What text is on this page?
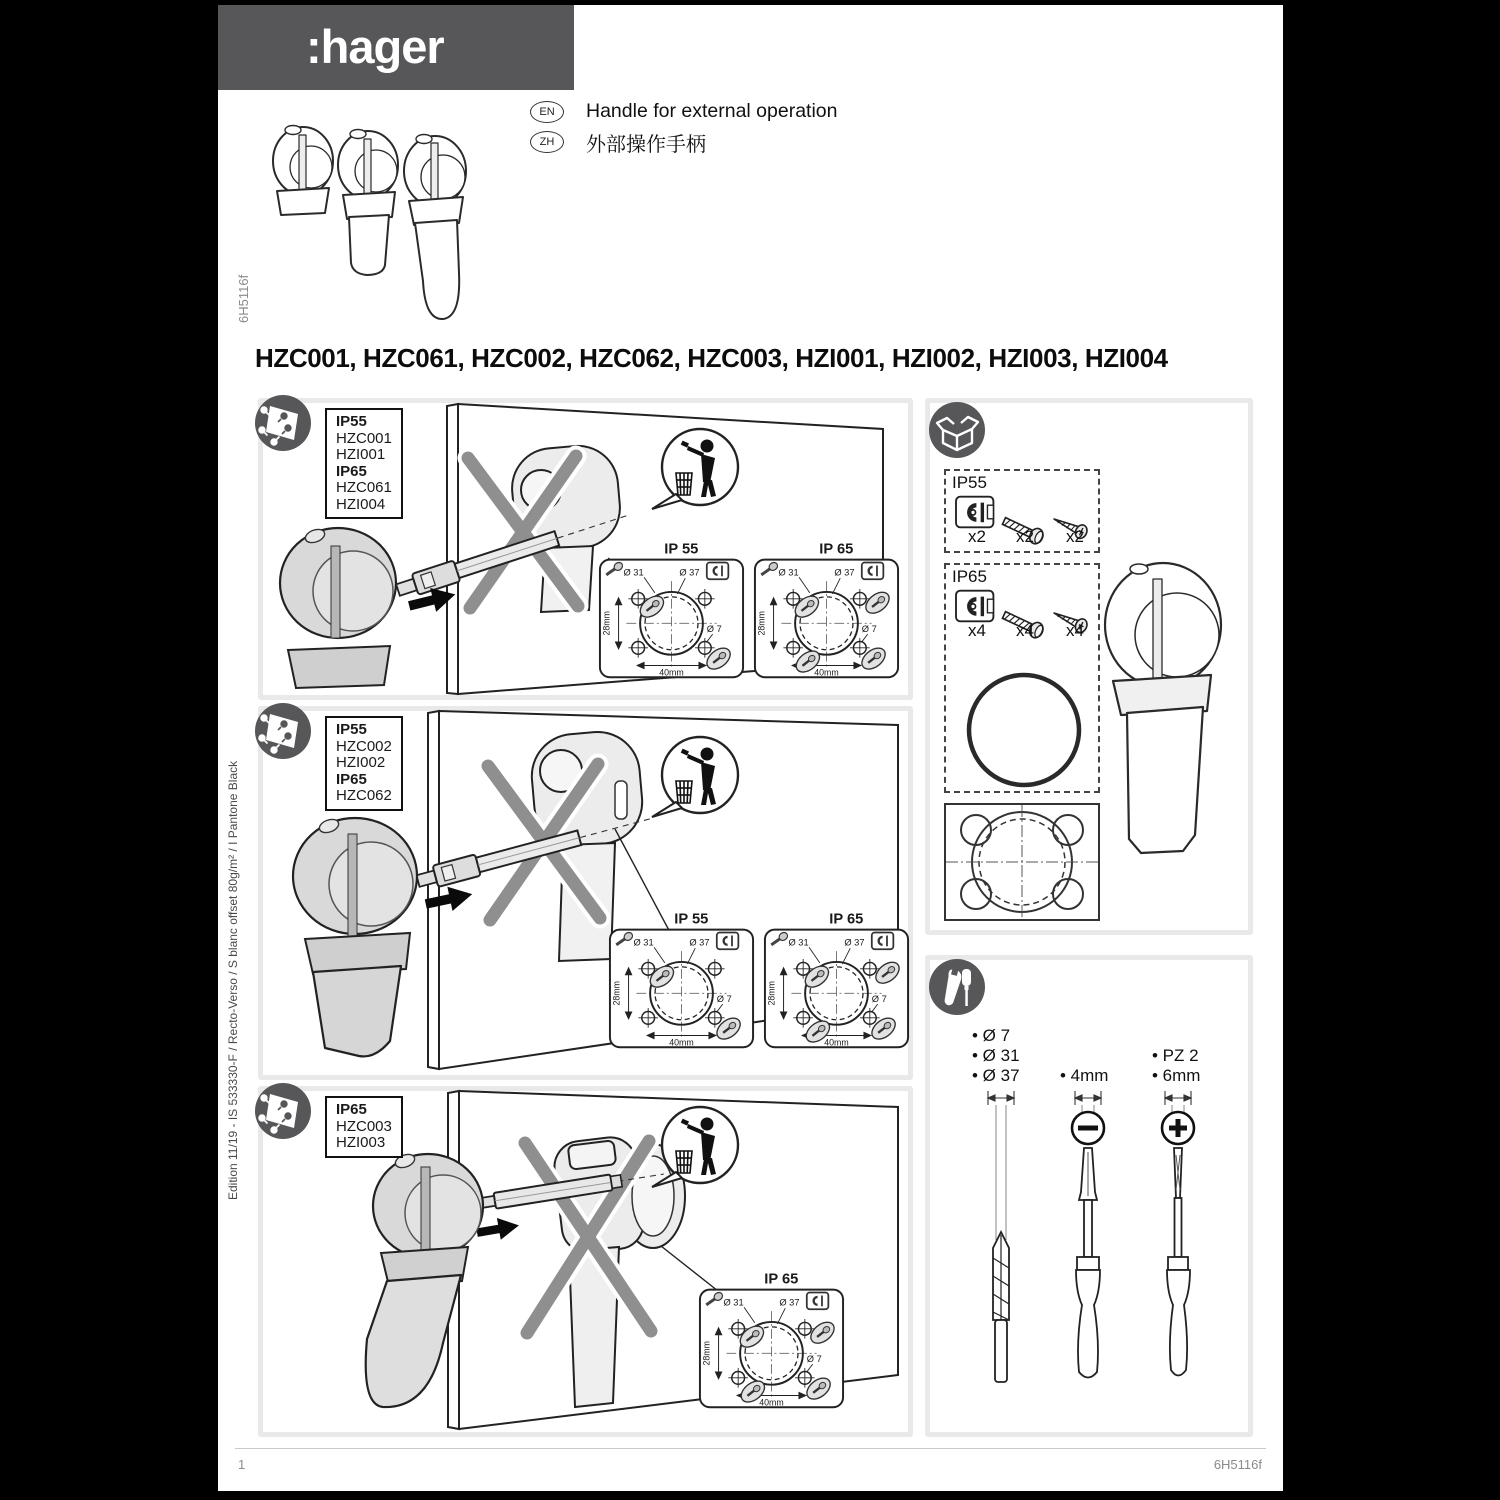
:hager
EN	Handle for external operation
ZH	外部操作手柄
6H5116f
Edition 11/19 - IS 533330-F / Recto-Verso / S blanc offset 80g/m² / I Pantone Black
HZC001, HZC061, HZC002, HZC062, HZC003, HZI001, HZI002, HZI003, HZI004
IP55
HZC001
HZI001
IP65
HZC061
HZI004
IP 55
Ø 31	Ø 37
Ø 7
28mm
40mm
IP 65
Ø 31	Ø 37
Ø 7
28mm
40mm
IP55
HZC002
HZI002
IP65
HZC062
IP 55
Ø 31	Ø 37
Ø 7
28mm
40mm
IP 65
Ø 31	Ø 37
Ø 7
28mm
40mm
IP65
HZC003
HZI003
IP 65
Ø 31	Ø 37
Ø 7
28mm
40mm
IP55
x2	x2	x2
IP65
x4	x4	x4
• Ø 7
• Ø 31
• Ø 37 • 4mm
• PZ 2
• 6mm
1	6H5116f
